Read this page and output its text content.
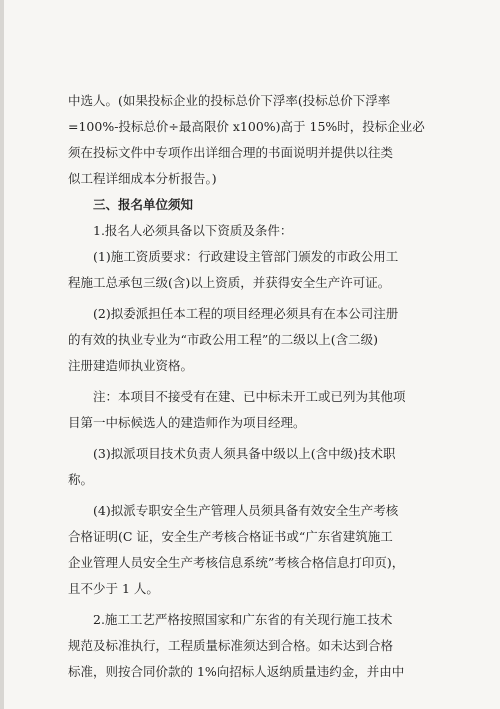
中选人。(如果投标企业的投标总价下浮率(投标总价下浮率
=100%-投标总价÷最高限价 x100%)高于 15%时，投标企业必
须在投标文件中专项作出详细合理的书面说明并提供以往类
似工程详细成本分析报告。)
三、报名单位须知
1.报名人必须具备以下资质及条件：
(1)施工资质要求：行政建设主管部门颁发的市政公用工
程施工总承包三级(含)以上资质，并获得安全生产许可证。
(2)拟委派担任本工程的项目经理必须具有在本公司注册
的有效的执业专业为“市政公用工程”的二级以上(含二级)
注册建造师执业资格。
注：本项目不接受有在建、已中标未开工或已列为其他项
目第一中标候选人的建造师作为项目经理。
(3)拟派项目技术负责人须具备中级以上(含中级)技术职
称。
(4)拟派专职安全生产管理人员须具备有效安全生产考核
合格证明(C 证，安全生产考核合格证书或“广东省建筑施工
企业管理人员安全生产考核信息系统”考核合格信息打印页)，
且不少于 1 人。
2.施工工艺严格按照国家和广东省的有关现行施工技术
规范及标准执行，工程质量标准须达到合格。如未达到合格
标准，则按合同价款的 1%向招标人返纳质量违约金，并由中
